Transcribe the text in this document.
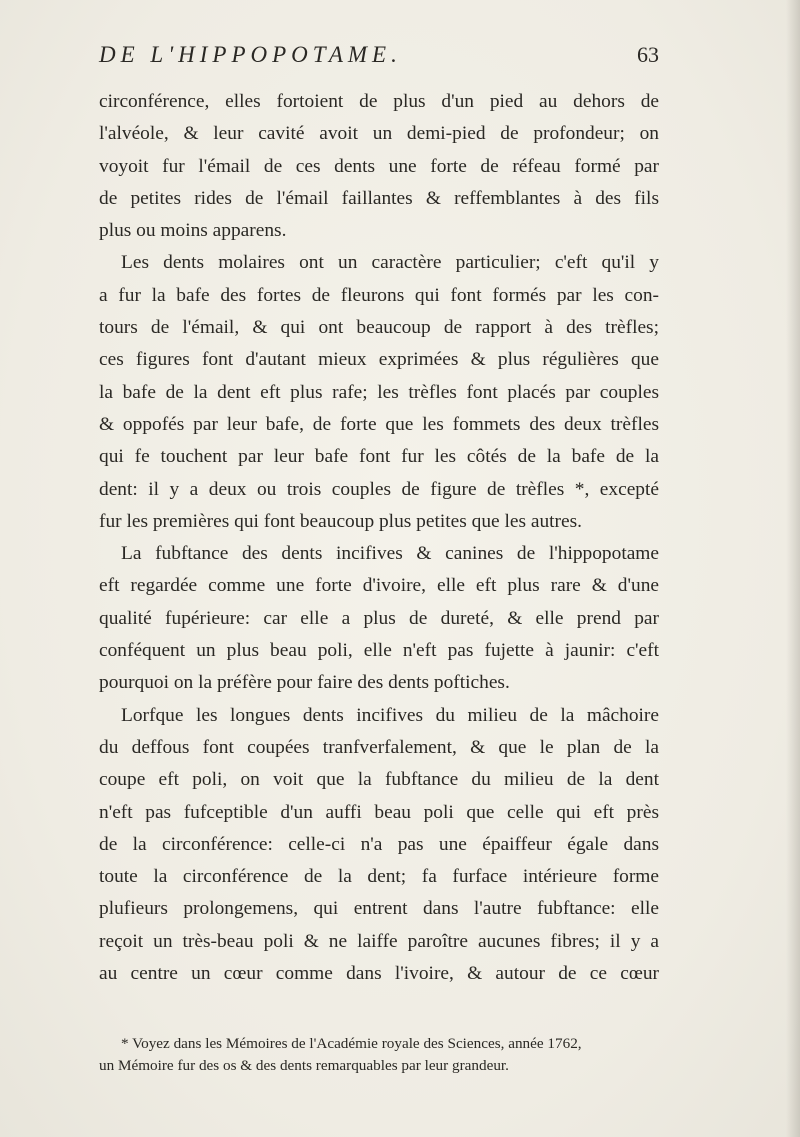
DE L'HIPPOPOTAME.	63
circonférence, elles fortoient de plus d'un pied au dehors de
l'alvéole, & leur cavité avoit un demi-pied de profondeur; on
voyoit fur l'émail de ces dents une forte de réfeau formé par
de petites rides de l'émail faillantes & reffemblantes à des fils
plus ou moins apparens.
Les dents molaires ont un caractère particulier; c'eft qu'il y
a fur la bafe des fortes de fleurons qui font formés par les con-
tours de l'émail, & qui ont beaucoup de rapport à des trèfles;
ces figures font d'autant mieux exprimées & plus régulières que
la bafe de la dent eft plus rafe; les trèfles font placés par couples
& oppofés par leur bafe, de forte que les fommets des deux trèfles
qui fe touchent par leur bafe font fur les côtés de la bafe de la
dent: il y a deux ou trois couples de figure de trèfles *, excepté
fur les premières qui font beaucoup plus petites que les autres.
La fubftance des dents incifives & canines de l'hippopotame
eft regardée comme une forte d'ivoire, elle eft plus rare & d'une
qualité fupérieure: car elle a plus de dureté, & elle prend par
conféquent un plus beau poli, elle n'eft pas fujette à jaunir: c'eft
pourquoi on la préfère pour faire des dents poftiches.
Lorfque les longues dents incifives du milieu de la mâchoire
du deffous font coupées tranfverfalement, & que le plan de la
coupe eft poli, on voit que la fubftance du milieu de la dent
n'eft pas fufceptible d'un auffi beau poli que celle qui eft près
de la circonférence: celle-ci n'a pas une épaiffeur égale dans
toute la circonférence de la dent; fa furface intérieure forme
plufieurs prolongemens, qui entrent dans l'autre fubftance: elle
reçoit un très-beau poli & ne laiffe paroître aucunes fibres; il y a
au centre un cœur comme dans l'ivoire, & autour de ce cœur
* Voyez dans les Mémoires de l'Académie royale des Sciences, année 1762,
un Mémoire fur des os & des dents remarquables par leur grandeur.
